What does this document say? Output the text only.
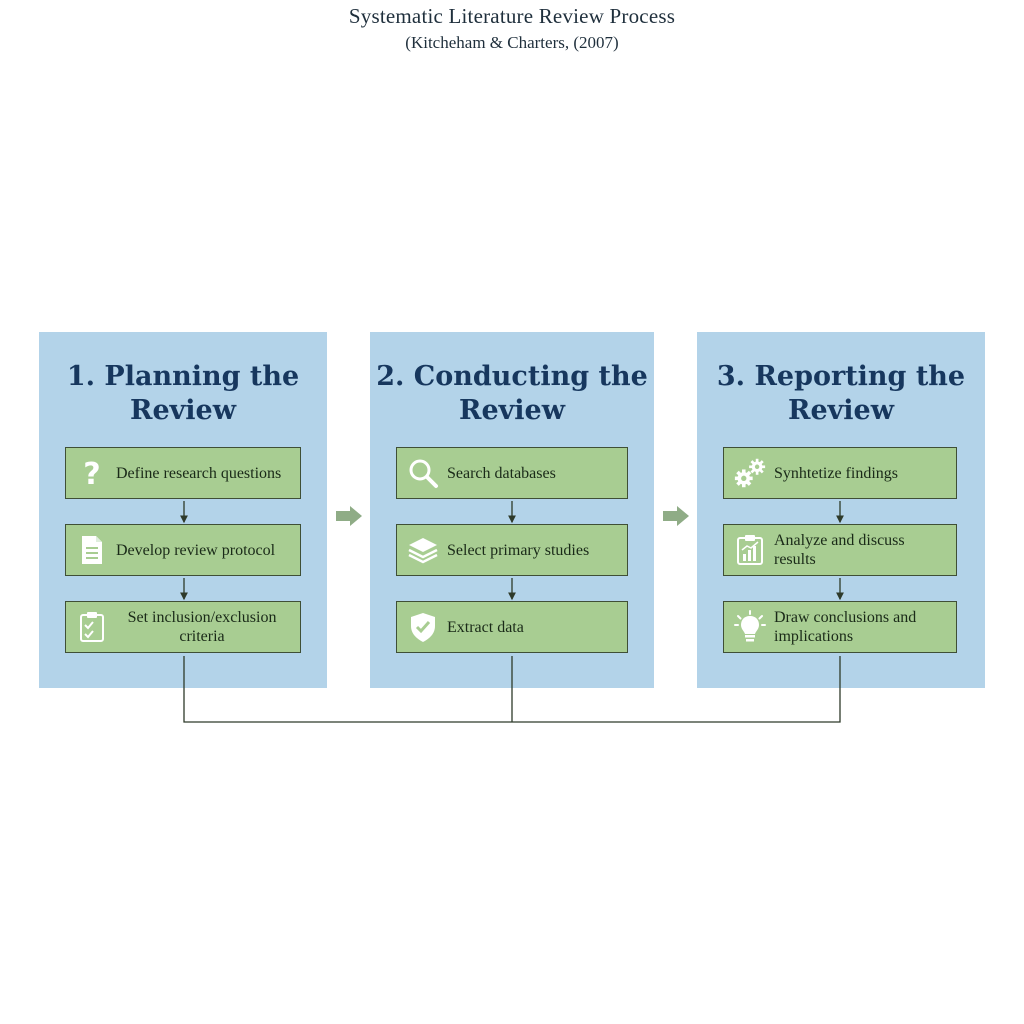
Systematic Literature Review Process
(Kitcheham & Charters, (2007)
1. Planning the Review
? Define research questions
Develop review protocol
Set inclusion/exclusion criteria
2. Conducting the Review
Search databases
Select primary studies
Extract data
3. Reporting the Review
Synhtetize findings
Analyze and discuss results
Draw conclusions and implications
